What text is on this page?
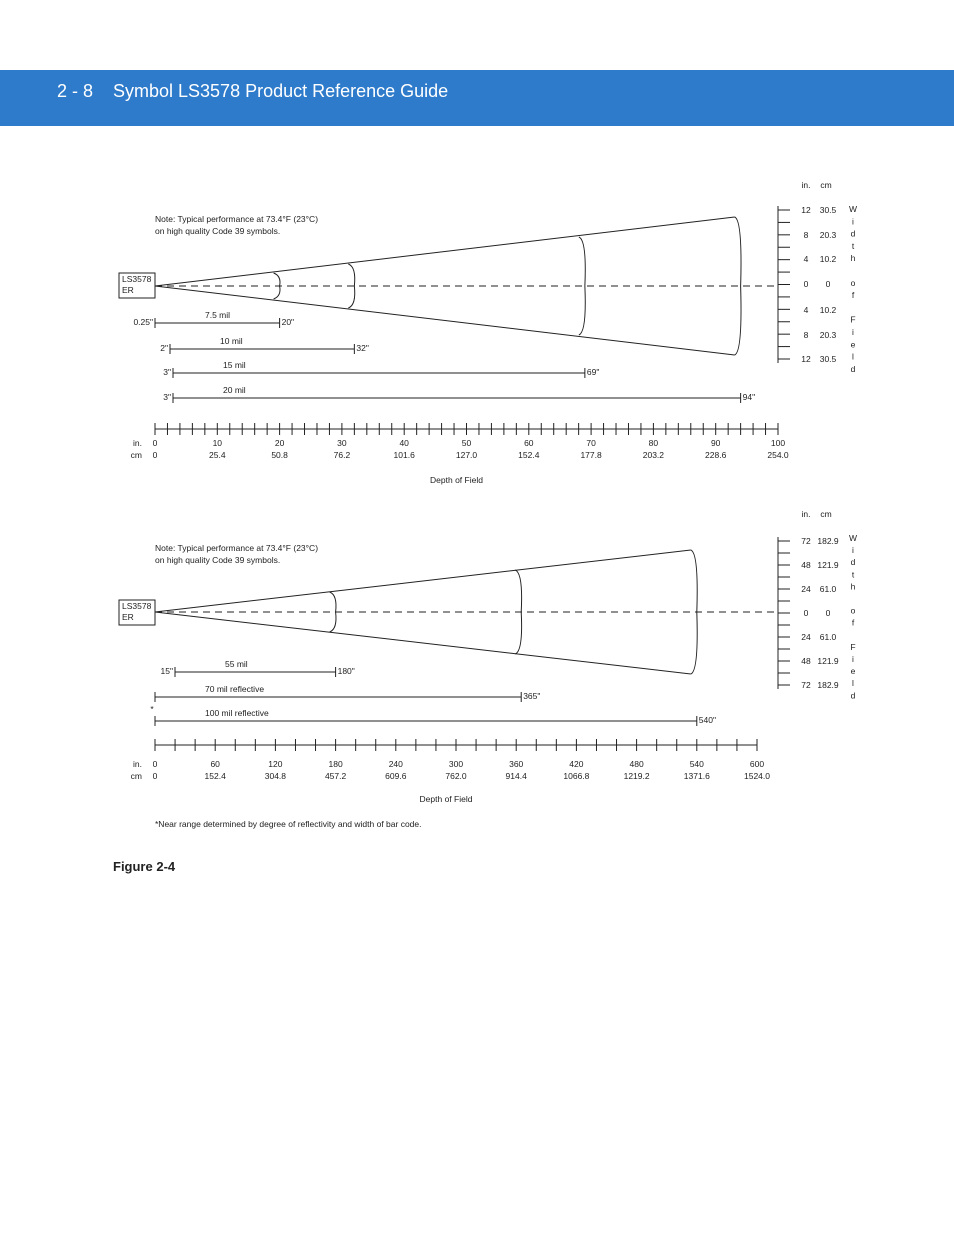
2 - 8 Symbol LS3578 Product Reference Guide
Note: Typical performance at 73.4°F (23°C)
on high quality Code 39 symbols.
LS3578
ER
7.5 mil
0.25"	20"
10 mil
2"	32"
15 mil
3"	69"
20 mil
3"	94"
in.
cm
0
0
10
25.4
20
50.8
30
76.2
40
101.6
50
127.0
60
152.4
70
177.8
80
203.2
90
228.6
100
254.0
Depth of Field
in. cm
12 30.5
8 20.3
4 10.2
0 0
4 10.2
8 20.3
12 30.5
W
i
d
t
h
o
f
F
i
e
l
d
Note: Typical performance at 73.4°F (23°C)
on high quality Code 39 symbols.
LS3578
ER
55 mil
15"	180"
70 mil reflective
365"
100 mil reflective
540"
*
in.
cm
0
0
60
152.4
120
304.8
180
457.2
240
609.6
300
762.0
360
914.4
420
1066.8
480
1219.2
540
1371.6
600
1524.0
Depth of Field
in. cm
72 182.9
48 121.9
24 61.0
0 0
24 61.0
48 121.9
72 182.9
W
i
d
t
h
o
f
F
i
e
l
d
*Near range determined by degree of reflectivity and width of bar code.
Figure 2-4
